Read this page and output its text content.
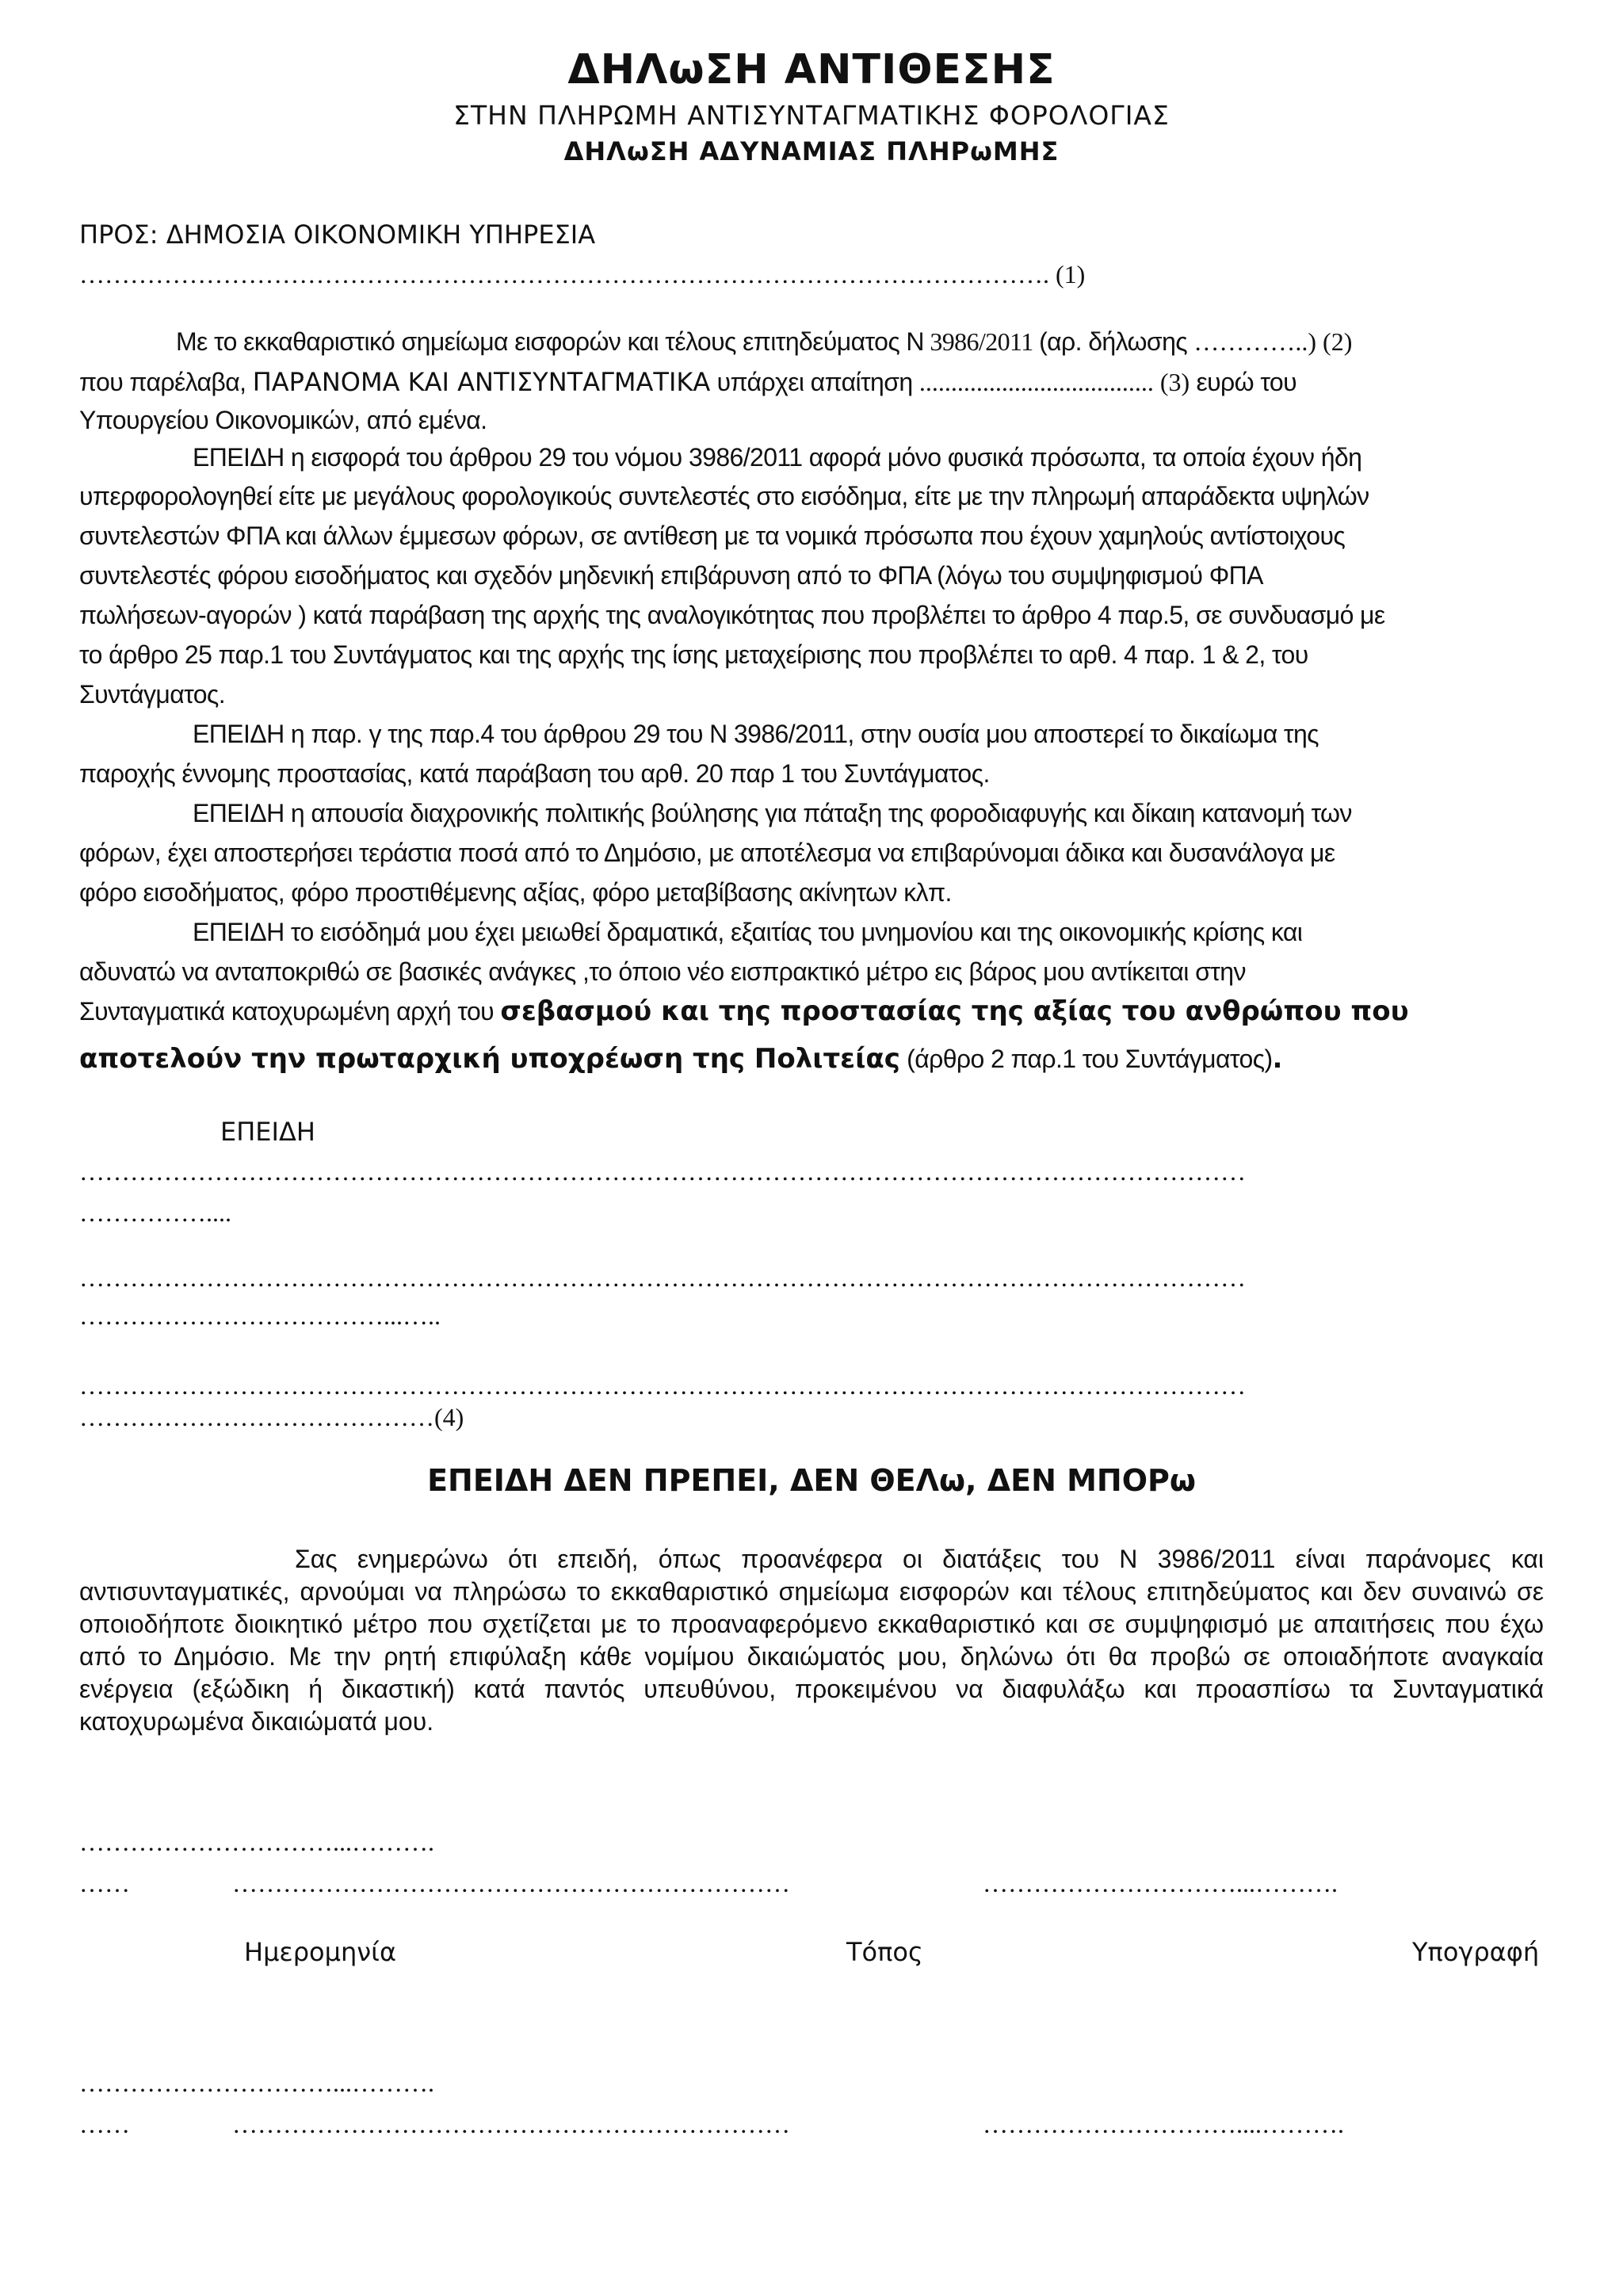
ΔΗΛωΣΗ ΑΝΤΙΘΕΣΗΣ
ΣΤΗΝ ΠΛΗΡΩΜΗ ΑΝΤΙΣΥΝΤΑΓΜΑΤΙΚΗΣ ΦΟΡΟΛΟΓΙΑΣ
ΔΗΛωΣΗ ΑΔΥΝΑΜΙΑΣ ΠΛΗΡωΜΗΣ
ΠΡΟΣ: ΔΗΜΟΣΙΑ ΟΙΚΟΝΟΜΙΚΗ ΥΠΗΡΕΣΙΑ
……………………………………………………………………………………………………. (1)
Με το εκκαθαριστικό σημείωμα εισφορών και τέλους επιτηδεύματος Ν 3986/2011 (αρ. δήλωσης …………..) (2)
που παρέλαβα, ΠΑΡΑΝΟΜΑ ΚΑΙ ΑΝΤΙΣΥΝΤΑΓΜΑΤΙΚΑ υπάρχει απαίτηση ..................................... (3) ευρώ του
Υπουργείου Οικονομικών, από εμένα.
ΕΠΕΙΔΗ η εισφορά του άρθρου 29 του νόμου 3986/2011 αφορά μόνο φυσικά πρόσωπα, τα οποία έχουν ήδη
υπερφορολογηθεί είτε με μεγάλους φορολογικούς συντελεστές στο εισόδημα, είτε με την πληρωμή απαράδεκτα υψηλών
συντελεστών ΦΠΑ και άλλων έμμεσων φόρων, σε αντίθεση με τα νομικά πρόσωπα που έχουν χαμηλούς αντίστοιχους
συντελεστές φόρου εισοδήματος και σχεδόν μηδενική επιβάρυνση από το ΦΠΑ (λόγω του συμψηφισμού ΦΠΑ
πωλήσεων-αγορών ) κατά παράβαση της αρχής της αναλογικότητας που προβλέπει το άρθρο 4 παρ.5, σε συνδυασμό με
το άρθρο 25 παρ.1 του Συντάγματος και της αρχής της ίσης μεταχείρισης που προβλέπει το αρθ. 4 παρ. 1 & 2, του
Συντάγματος.
ΕΠΕΙΔΗ η παρ. γ της παρ.4 του άρθρου 29 του Ν 3986/2011, στην ουσία μου αποστερεί το δικαίωμα της
παροχής έννομης προστασίας, κατά παράβαση του αρθ. 20 παρ 1 του Συντάγματος.
ΕΠΕΙΔΗ η απουσία διαχρονικής πολιτικής βούλησης για πάταξη της φοροδιαφυγής και δίκαιη κατανομή των
φόρων, έχει αποστερήσει τεράστια ποσά από το Δημόσιο, με αποτέλεσμα να επιβαρύνομαι άδικα και δυσανάλογα με
φόρο εισοδήματος, φόρο προστιθέμενης αξίας, φόρο μεταβίβασης ακίνητων κλπ.
ΕΠΕΙΔΗ το εισόδημά μου έχει μειωθεί δραματικά, εξαιτίας του μνημονίου και της οικονομικής κρίσης και
αδυνατώ να ανταποκριθώ σε βασικές ανάγκες ,το όποιο νέο εισπρακτικό μέτρο εις βάρος μου αντίκειται στην
Συνταγματικά κατοχυρωμένη αρχή του σεβασμού και της προστασίας της αξίας του ανθρώπου που
αποτελούν την πρωταρχική υποχρέωση της Πολιτείας (άρθρο 2 παρ.1 του Συντάγματος).
ΕΠΕΙΔΗ
…………………………………………………………………………………………………………………………
……………....
…………………………………………………………………………………………………………………………
………………………………...…..
…………………………………………………………………………………………………………………………
……………………………………(4)
ΕΠΕΙΔΗ ΔΕΝ ΠΡΕΠΕΙ, ΔΕΝ ΘΕΛω, ΔΕΝ ΜΠΟΡω
Σας ενημερώνω ότι επειδή, όπως προανέφερα οι διατάξεις του Ν 3986/2011 είναι παράνομες και αντισυνταγματικές, αρνούμαι να πληρώσω το εκκαθαριστικό σημείωμα εισφορών και τέλους επιτηδεύματος και δεν συναινώ σε οποιοδήποτε διοικητικό μέτρο που σχετίζεται με το προαναφερόμενο εκκαθαριστικό και σε συμψηφισμό με απαιτήσεις που έχω από το Δημόσιο. Με την ρητή επιφύλαξη κάθε νομίμου δικαιώματός μου, δηλώνω ότι θα προβώ σε οποιαδήποτε αναγκαία ενέργεια (εξώδικη ή δικαστική) κατά παντός υπευθύνου, προκειμένου να διαφυλάξω και προασπίσω τα Συνταγματικά κατοχυρωμένα δικαιώματά μου.
…………………………...……….
……	…………………………………………………………	…………………………...……….
Ημερομηνία	Τόπος	Υπογραφή
…………………………...……….
……	…………………………………………………………	…………………………....……….
